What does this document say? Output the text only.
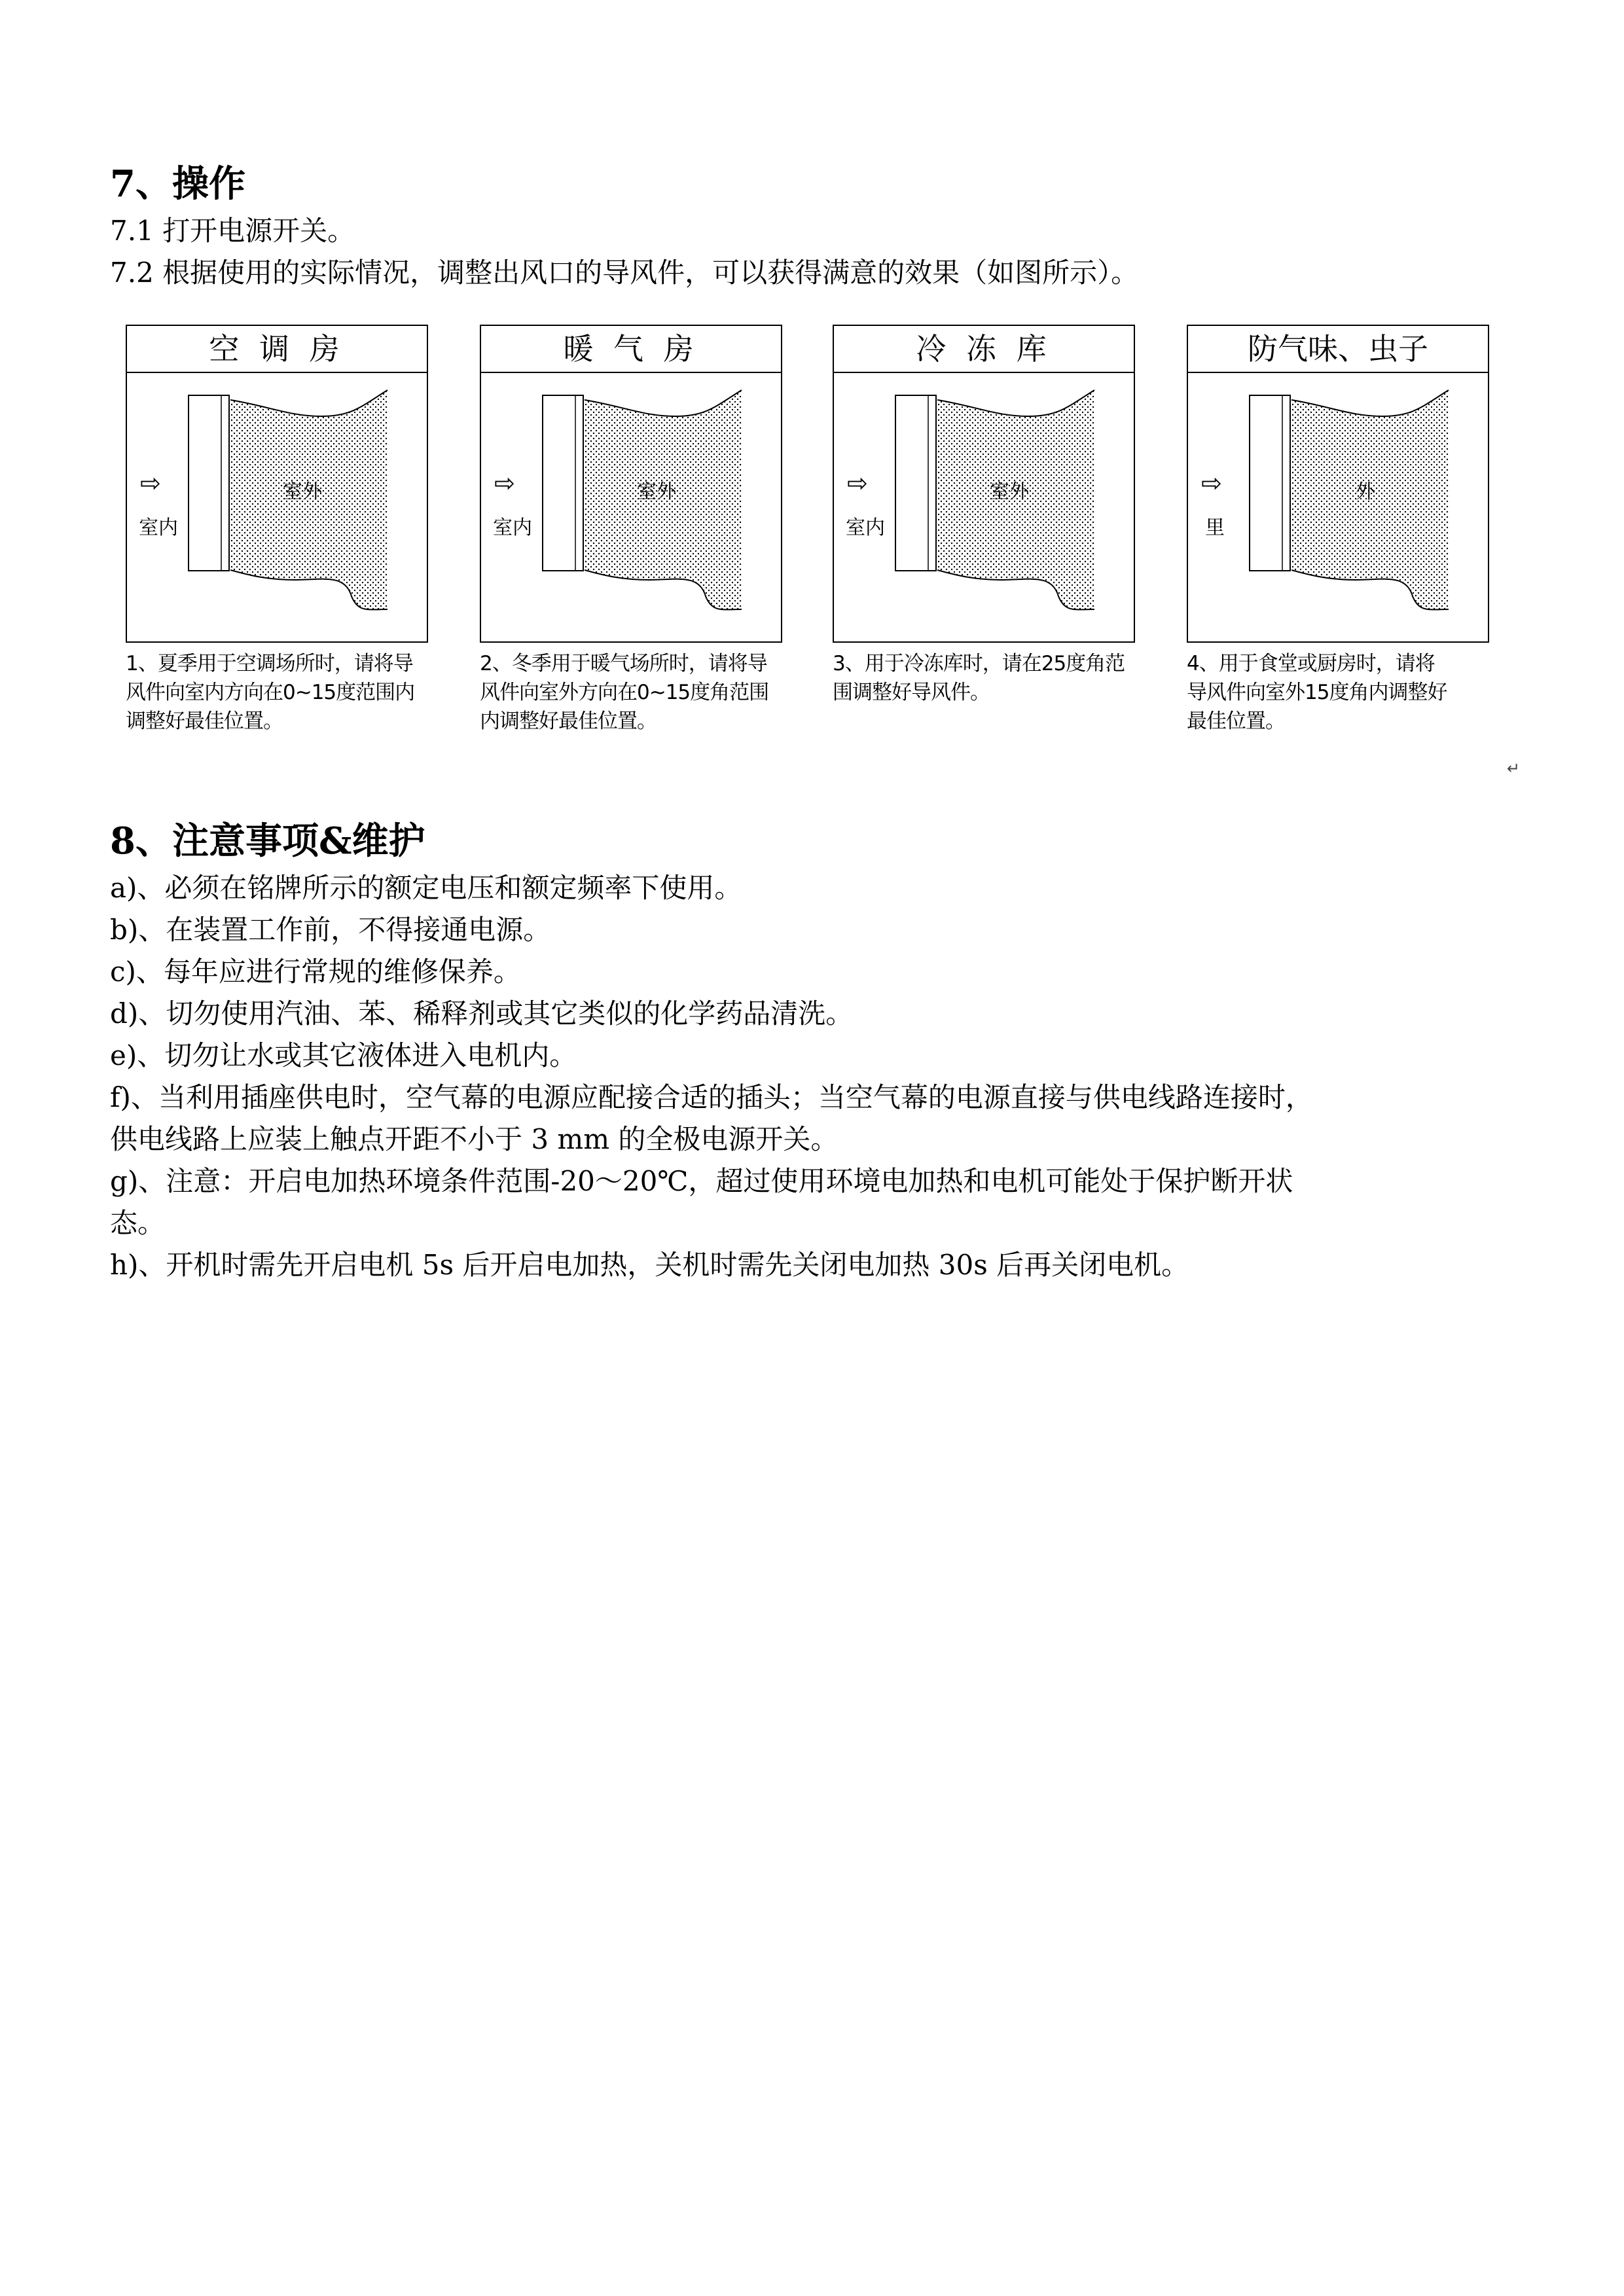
7、操作
7.1 打开电源开关。
7.2 根据使用的实际情况，调整出风口的导风件，可以获得满意的效果（如图所示）。
空 调 房
⇨
室内
室外
1、夏季用于空调场所时，请将导
风件向室内方向在0~15度范围内
调整好最佳位置。
暖 气 房
⇨
室内
室外
2、冬季用于暖气场所时，请将导
风件向室外方向在0~15度角范围
内调整好最佳位置。
冷 冻 库
⇨
室内
室外
3、用于冷冻库时，请在25度角范
围调整好导风件。
防气味、虫子
⇨
里
外
4、用于食堂或厨房时，请将
导风件向室外15度角内调整好
最佳位置。
↵
8、注意事项&维护
a)、必须在铭牌所示的额定电压和额定频率下使用。
b)、在装置工作前，不得接通电源。
c)、每年应进行常规的维修保养。
d)、切勿使用汽油、苯、稀释剂或其它类似的化学药品清洗。
e)、切勿让水或其它液体进入电机内。
f)、当利用插座供电时，空气幕的电源应配接合适的插头；当空气幕的电源直接与供电线路连接时，
供电线路上应装上触点开距不小于 3 mm 的全极电源开关。
g)、注意：开启电加热环境条件范围-20～20℃，超过使用环境电加热和电机可能处于保护断开状
态。
h)、开机时需先开启电机 5s 后开启电加热，关机时需先关闭电加热 30s 后再关闭电机。
